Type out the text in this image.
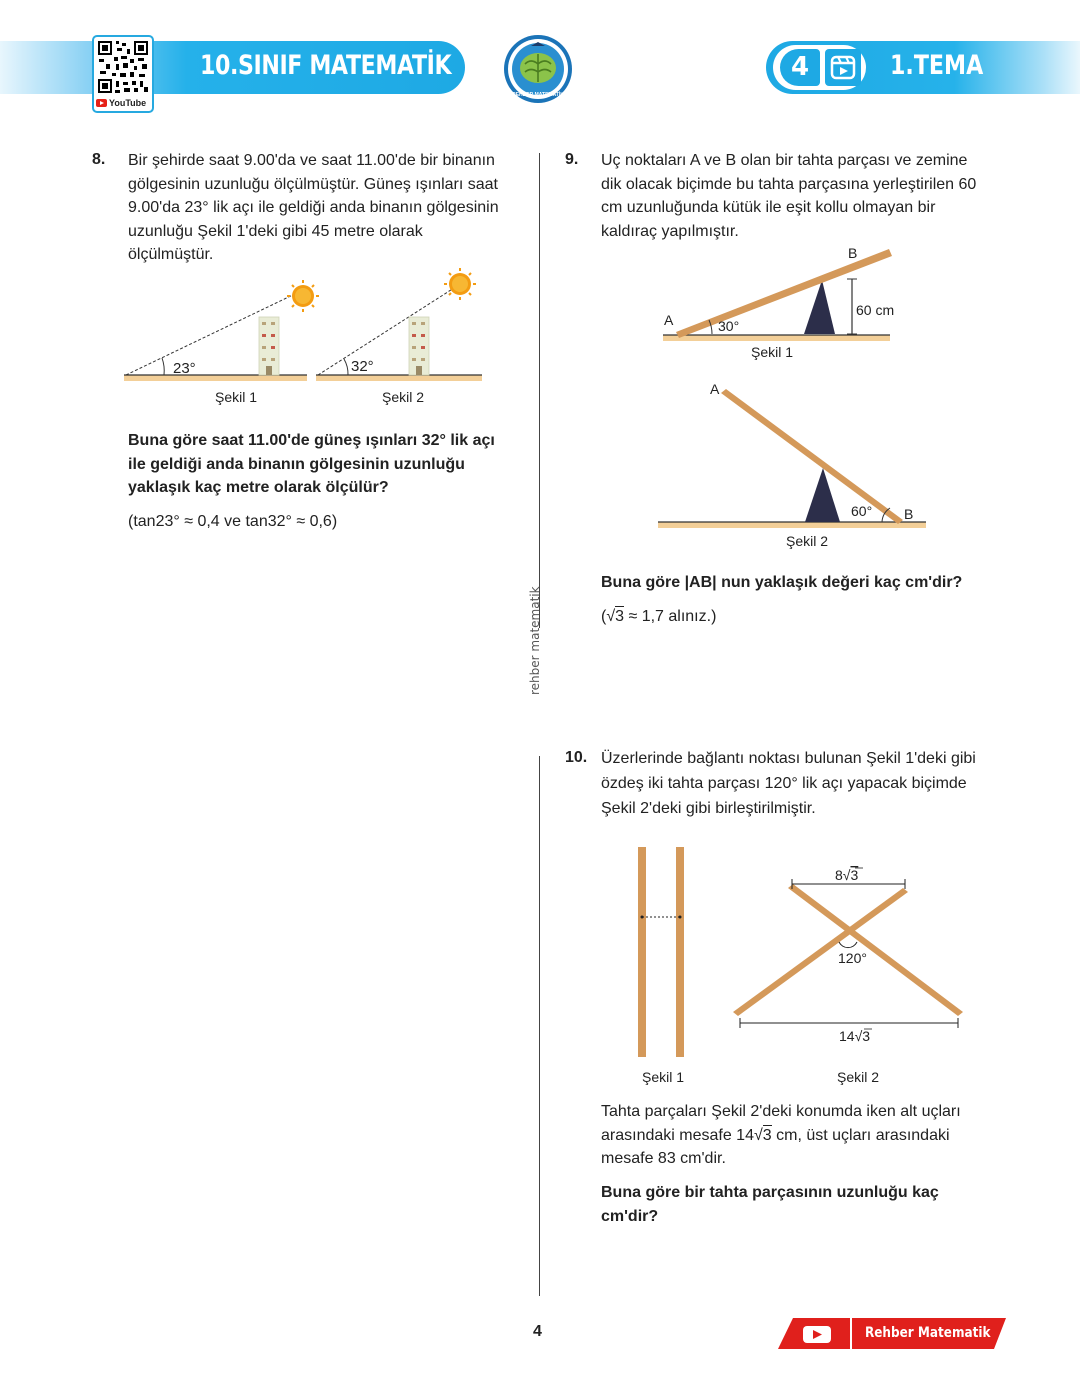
10.SINIF MATEMATİK
YouTube
REHBER MATEMATİK
4	1.TEMA
8. Bir şehirde saat 9.00'da ve saat 11.00'de bir binanın
gölgesinin uzunluğu ölçülmüştür. Güneş ışınları saat
9.00'da 23° lik açı ile geldiği anda binanın gölgesinin
uzunluğu Şekil 1'deki gibi 45 metre olarak
ölçülmüştür.
23°	32°
Şekil 1	Şekil 2
Buna göre saat 11.00'de güneş ışınları 32° lik açı
ile geldiği anda binanın gölgesinin uzunluğu
yaklaşık kaç metre olarak ölçülür?
(tan23° ≈ 0,4 ve tan32° ≈ 0,6)
rehber matematik
9. Uç noktaları A ve B olan bir tahta parçası ve zemine
dik olacak biçimde bu tahta parçasına yerleştirilen 60
cm uzunluğunda kütük ile eşit kollu olmayan bir
kaldıraç yapılmıştır.
A
B
30°
60 cm
A
B
60°
Şekil 1
Şekil 2
Buna göre |AB| nun yaklaşık değeri kaç cm'dir?
(√3 ≈ 1,7 alınız.)
10. Üzerlerinde bağlantı noktası bulunan Şekil 1'deki gibi
özdeş iki tahta parçası 120° lik açı yapacak biçimde
Şekil 2'deki gibi birleştirilmiştir.
8√3
120°
14√3
Şekil 1	Şekil 2
Tahta parçaları Şekil 2'deki konumda iken alt uçları
arasındaki mesafe 14√3 cm, üst uçları arasındaki
mesafe 83 cm'dir.
Buna göre bir tahta parçasının uzunluğu kaç
cm'dir?
4	Rehber Matematik
